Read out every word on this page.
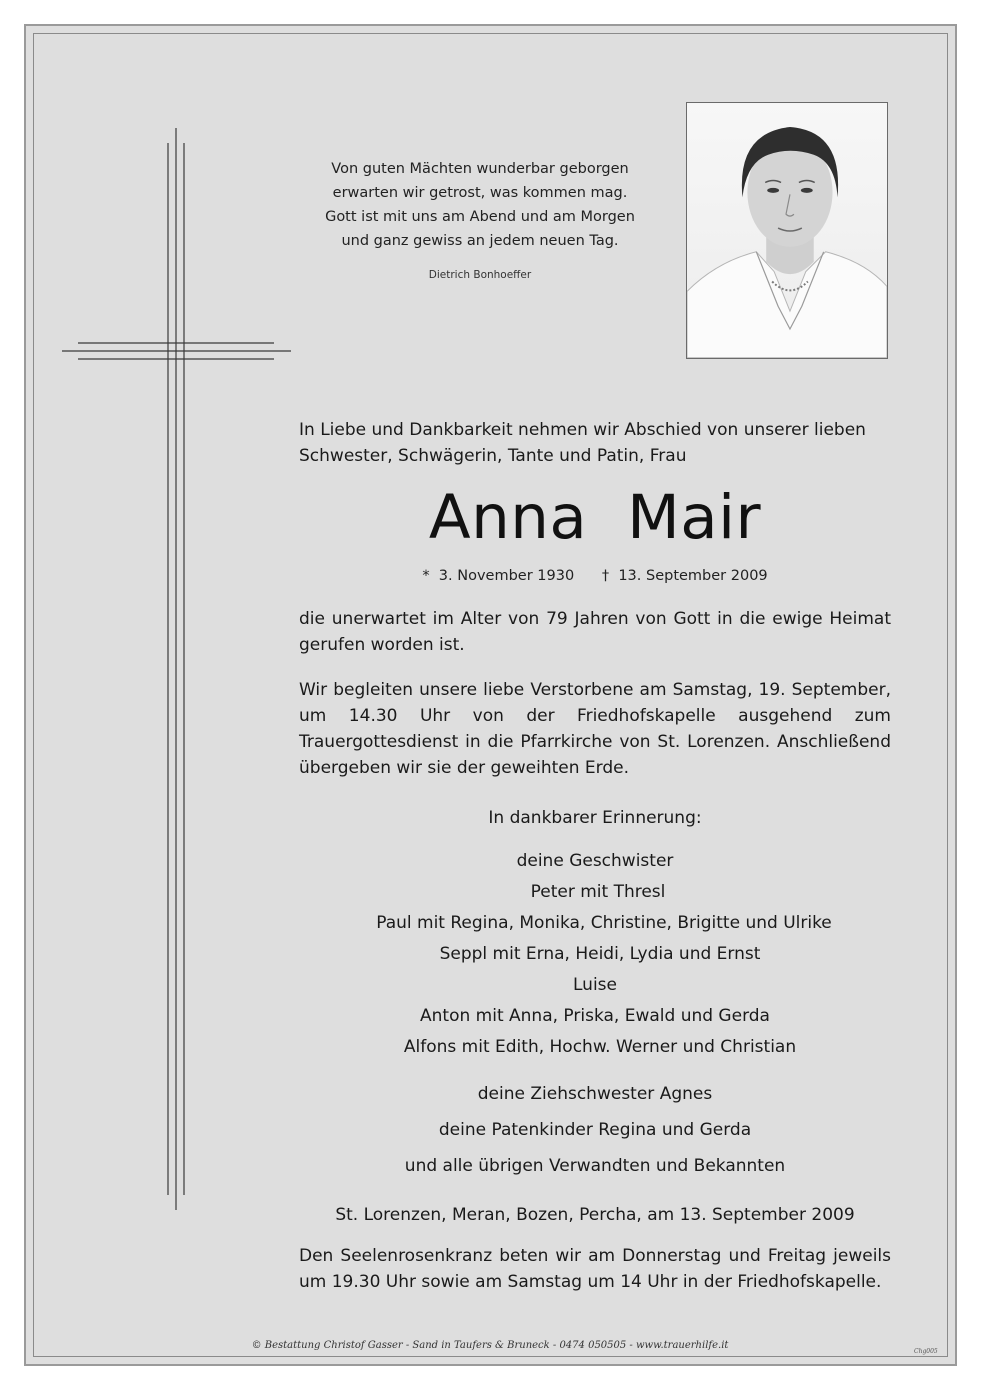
Von guten Mächten wunderbar geborgen
erwarten wir getrost, was kommen mag.
Gott ist mit uns am Abend und am Morgen
und ganz gewiss an jedem neuen Tag.
Dietrich Bonhoeffer
In Liebe und Dankbarkeit nehmen wir Abschied von unserer lieben
Schwester, Schwägerin, Tante und Patin, Frau
Anna  Mair
*  3. November 1930 †  13. September 2009
die unerwartet im Alter von 79 Jahren von Gott in die ewige Heimat gerufen worden ist.
Wir begleiten unsere liebe Verstorbene am Samstag, 19. September, um 14.30 Uhr von der Friedhofskapelle ausgehend zum Trauergottesdienst in die Pfarrkirche von St. Lorenzen. Anschließend übergeben wir sie der geweihten Erde.
In dankbarer Erinnerung:
deine Geschwister
Peter mit Thresl
Paul mit Regina, Monika, Christine, Brigitte und Ulrike
Seppl mit Erna, Heidi, Lydia und Ernst
Luise
Anton mit Anna, Priska, Ewald und Gerda
Alfons mit Edith, Hochw. Werner und Christian
deine Ziehschwester Agnes
deine Patenkinder Regina und Gerda
und alle übrigen Verwandten und Bekannten
St. Lorenzen, Meran, Bozen, Percha, am 13. September 2009
Den Seelenrosenkranz beten wir am Donnerstag und Freitag jeweils um 19.30 Uhr sowie am Samstag um 14 Uhr in der Friedhofskapelle.
© Bestattung Christof Gasser - Sand in Taufers & Bruneck - 0474 050505 - www.trauerhilfe.it
Chg005
